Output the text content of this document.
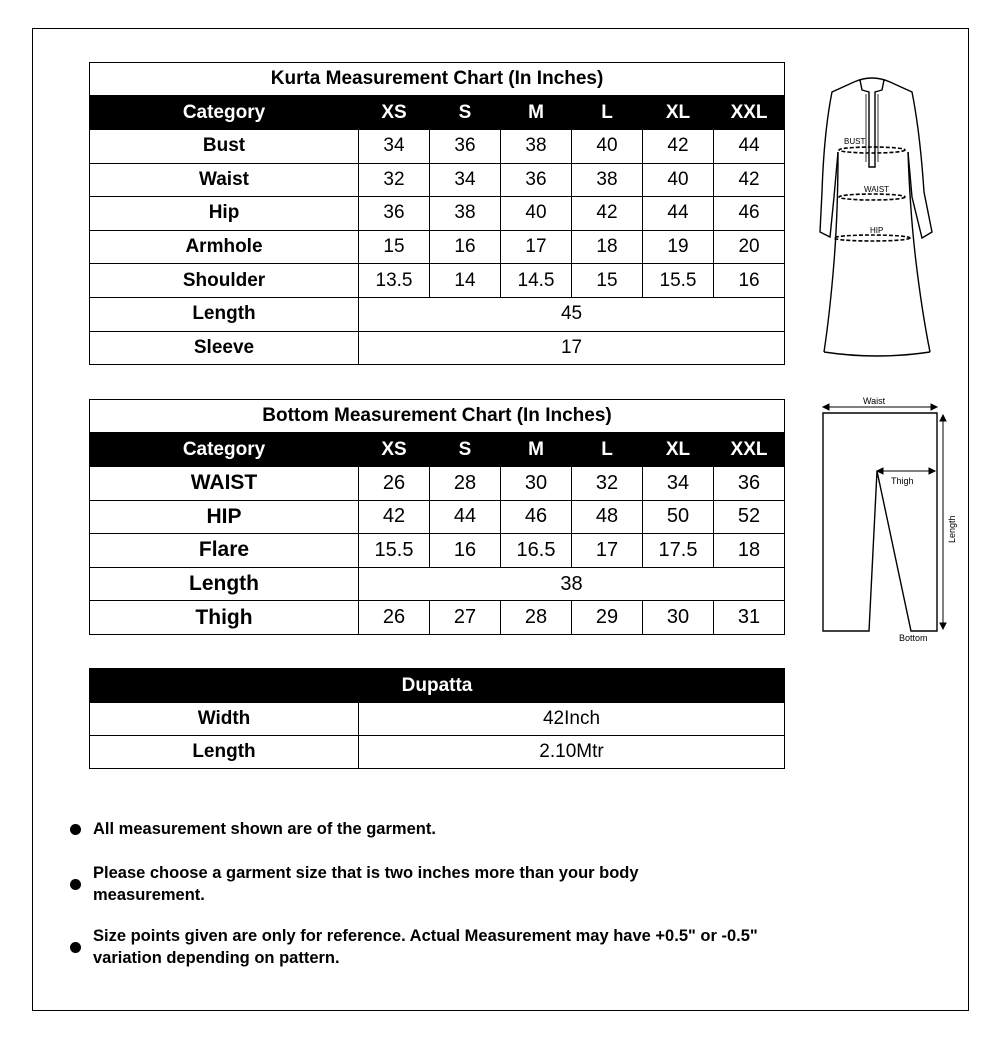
Kurta Measurement Chart (In Inches)						
Category	XS	S	M	L	XL	XXL
Bust	34	36	38	40	42	44
Waist	32	34	36	38	40	42
Hip	36	38	40	42	44	46
Armhole	15	16	17	18	19	20
Shoulder	13.5	14	14.5	15	15.5	16
Length	45					
Sleeve	17					
Bottom Measurement Chart (In Inches)						
Category	XS	S	M	L	XL	XXL
WAIST	26	28	30	32	34	36
HIP	42	44	46	48	50	52
Flare	15.5	16	16.5	17	17.5	18
Length	38					
Thigh	26	27	28	29	30	31
Dupatta	
Width	42Inch
Length	2.10Mtr
All measurement shown are of the garment.
Please choose a garment size that is two inches more than your body measurement.
Size points given are only for reference. Actual Measurement may have +0.5" or -0.5" variation depending on pattern.
BUST
WAIST
HIP
Waist
Thigh
Length
Bottom
